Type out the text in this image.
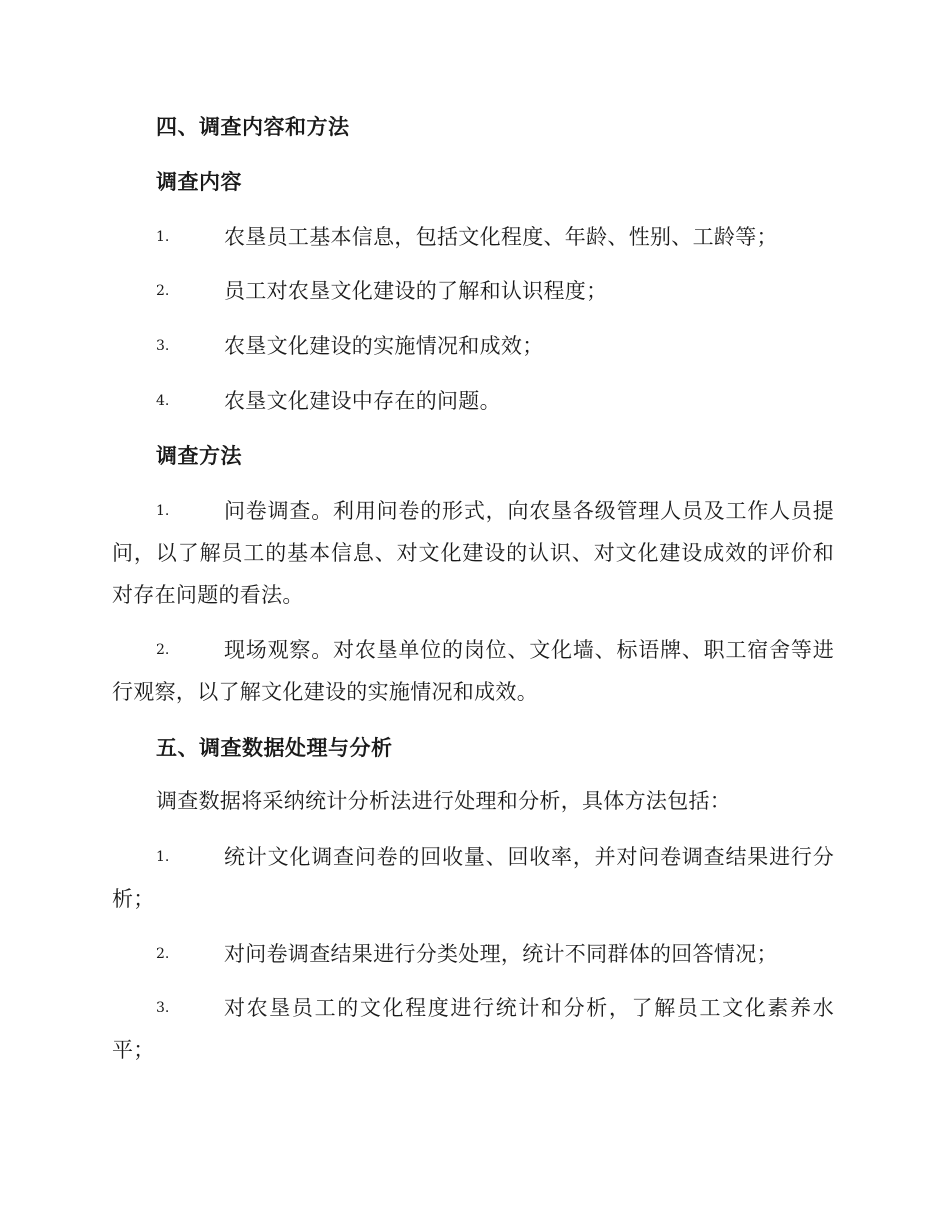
四、调查内容和方法
调查内容
1.	农垦员工基本信息，包括文化程度、年龄、性别、工龄等；
2.	员工对农垦文化建设的了解和认识程度；
3.	农垦文化建设的实施情况和成效；
4.	农垦文化建设中存在的问题。
调查方法
1.	问卷调查。利用问卷的形式，向农垦各级管理人员及工作人员提问，以了解员工的基本信息、对文化建设的认识、对文化建设成效的评价和对存在问题的看法。
2.	现场观察。对农垦单位的岗位、文化墙、标语牌、职工宿舍等进行观察，以了解文化建设的实施情况和成效。
五、调查数据处理与分析
调查数据将采纳统计分析法进行处理和分析，具体方法包括：
1.	统计文化调查问卷的回收量、回收率，并对问卷调查结果进行分析；
2.	对问卷调查结果进行分类处理，统计不同群体的回答情况；
3.	对农垦员工的文化程度进行统计和分析，了解员工文化素养水平；
